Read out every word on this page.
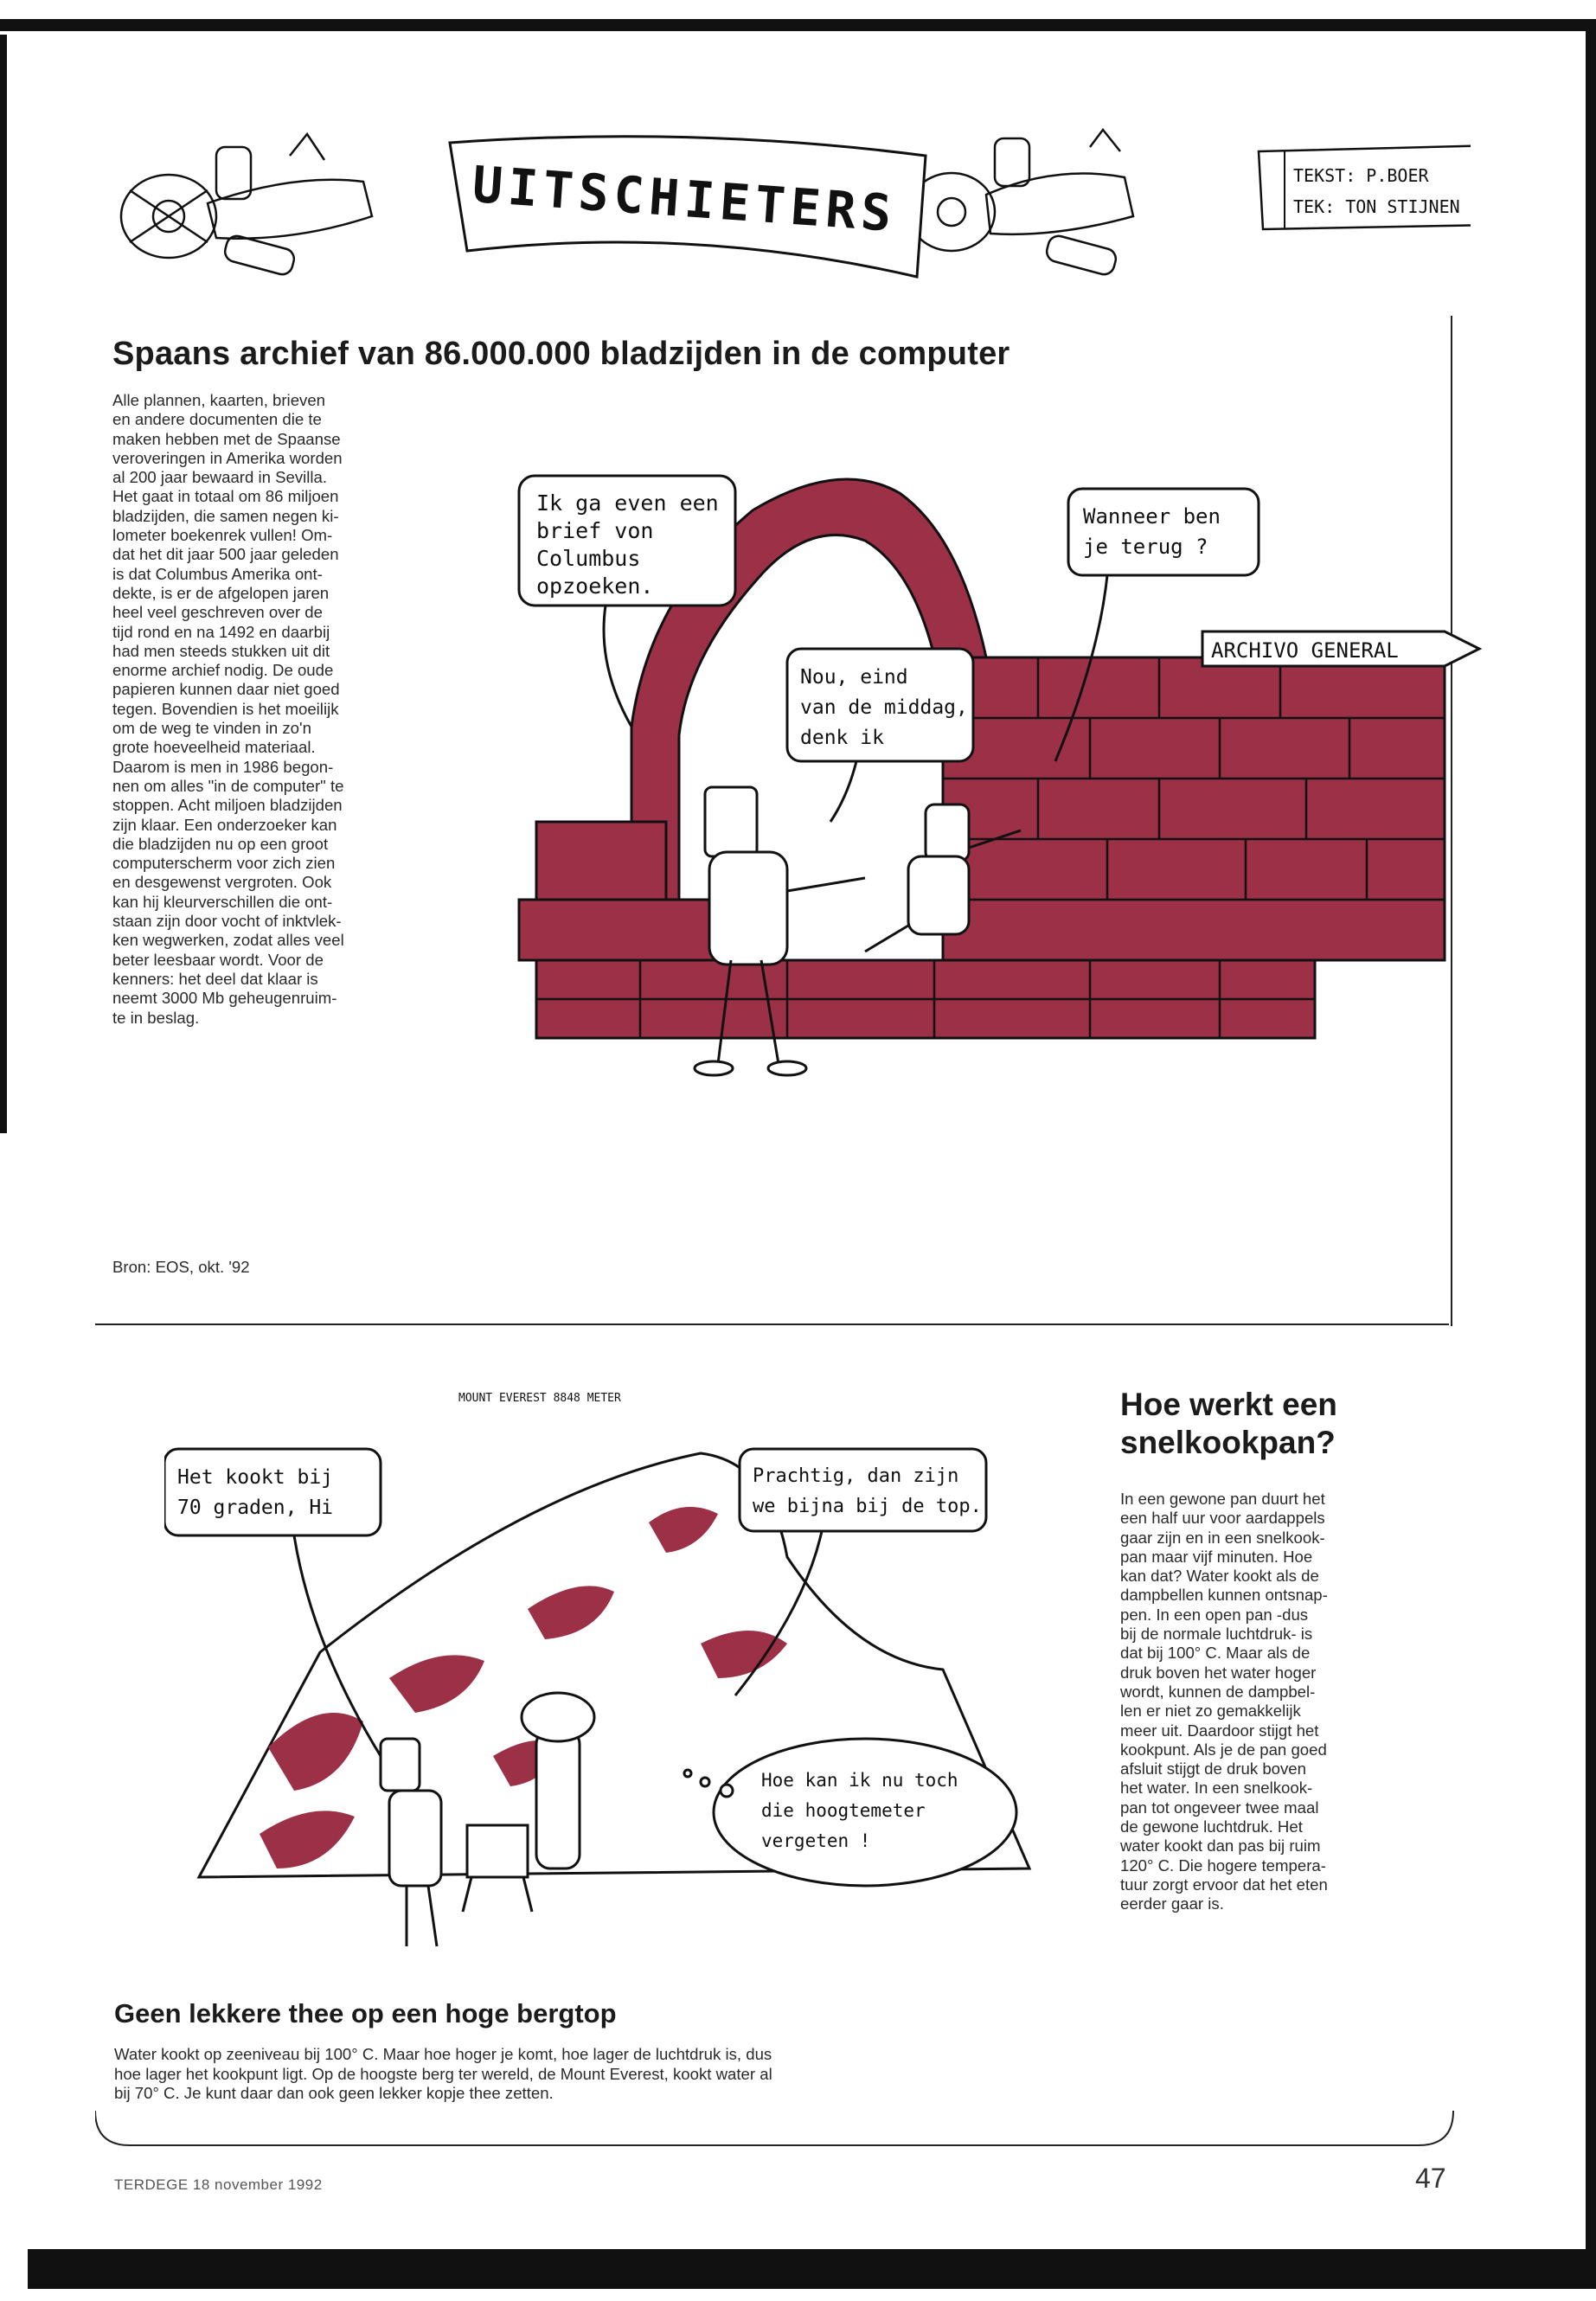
UITSCHIETERS	TEKST: P.BOER
TEK: TON STIJNEN
Spaans archief van 86.000.000 bladzijden in de computer
Alle plannen, kaarten, brieven
en andere documenten die te
maken hebben met de Spaanse
veroveringen in Amerika worden
al 200 jaar bewaard in Sevilla.
Het gaat in totaal om 86 miljoen
bladzijden, die samen negen ki-
lometer boekenrek vullen! Om-
dat het dit jaar 500 jaar geleden
is dat Columbus Amerika ont-
dekte, is er de afgelopen jaren
heel veel geschreven over de
tijd rond en na 1492 en daarbij
had men steeds stukken uit dit
enorme archief nodig. De oude
papieren kunnen daar niet goed
tegen. Bovendien is het moeilijk
om de weg te vinden in zo'n
grote hoeveelheid materiaal.
Daarom is men in 1986 begon-
nen om alles "in de computer" te
stoppen. Acht miljoen bladzijden
zijn klaar. Een onderzoeker kan
die bladzijden nu op een groot
computerscherm voor zich zien
en desgewenst vergroten. Ook
kan hij kleurverschillen die ont-
staan zijn door vocht of inktvlek-
ken wegwerken, zodat alles veel
beter leesbaar wordt. Voor de
kenners: het deel dat klaar is
neemt 3000 Mb geheugenruim-
te in beslag.
Bron: EOS, okt. '92
ARCHIVO GENERAL
Ik ga even een
brief von
Columbus
opzoeken.
Wanneer ben
je terug ?
Nou, eind
van de middag,
denk ik
MOUNT EVEREST 8848 METER
Het kookt bij
70 graden, Hi
Prachtig, dan zijn
we bijna bij de top.
Hoe kan ik nu toch
die hoogtemeter
vergeten !
Geen lekkere thee op een hoge bergtop
Water kookt op zeeniveau bij 100° C. Maar hoe hoger je komt, hoe lager de luchtdruk is, dus
hoe lager het kookpunt ligt. Op de hoogste berg ter wereld, de Mount Everest, kookt water al
bij 70° C. Je kunt daar dan ook geen lekker kopje thee zetten.
Hoe werkt een snelkookpan?
In een gewone pan duurt het
een half uur voor aardappels
gaar zijn en in een snelkook-
pan maar vijf minuten. Hoe
kan dat? Water kookt als de
dampbellen kunnen ontsnap-
pen. In een open pan -dus
bij de normale luchtdruk- is
dat bij 100° C. Maar als de
druk boven het water hoger
wordt, kunnen de dampbel-
len er niet zo gemakkelijk
meer uit. Daardoor stijgt het
kookpunt. Als je de pan goed
afsluit stijgt de druk boven
het water. In een snelkook-
pan tot ongeveer twee maal
de gewone luchtdruk. Het
water kookt dan pas bij ruim
120° C. Die hogere tempera-
tuur zorgt ervoor dat het eten
eerder gaar is.
TERDEGE 18 november 1992	47
